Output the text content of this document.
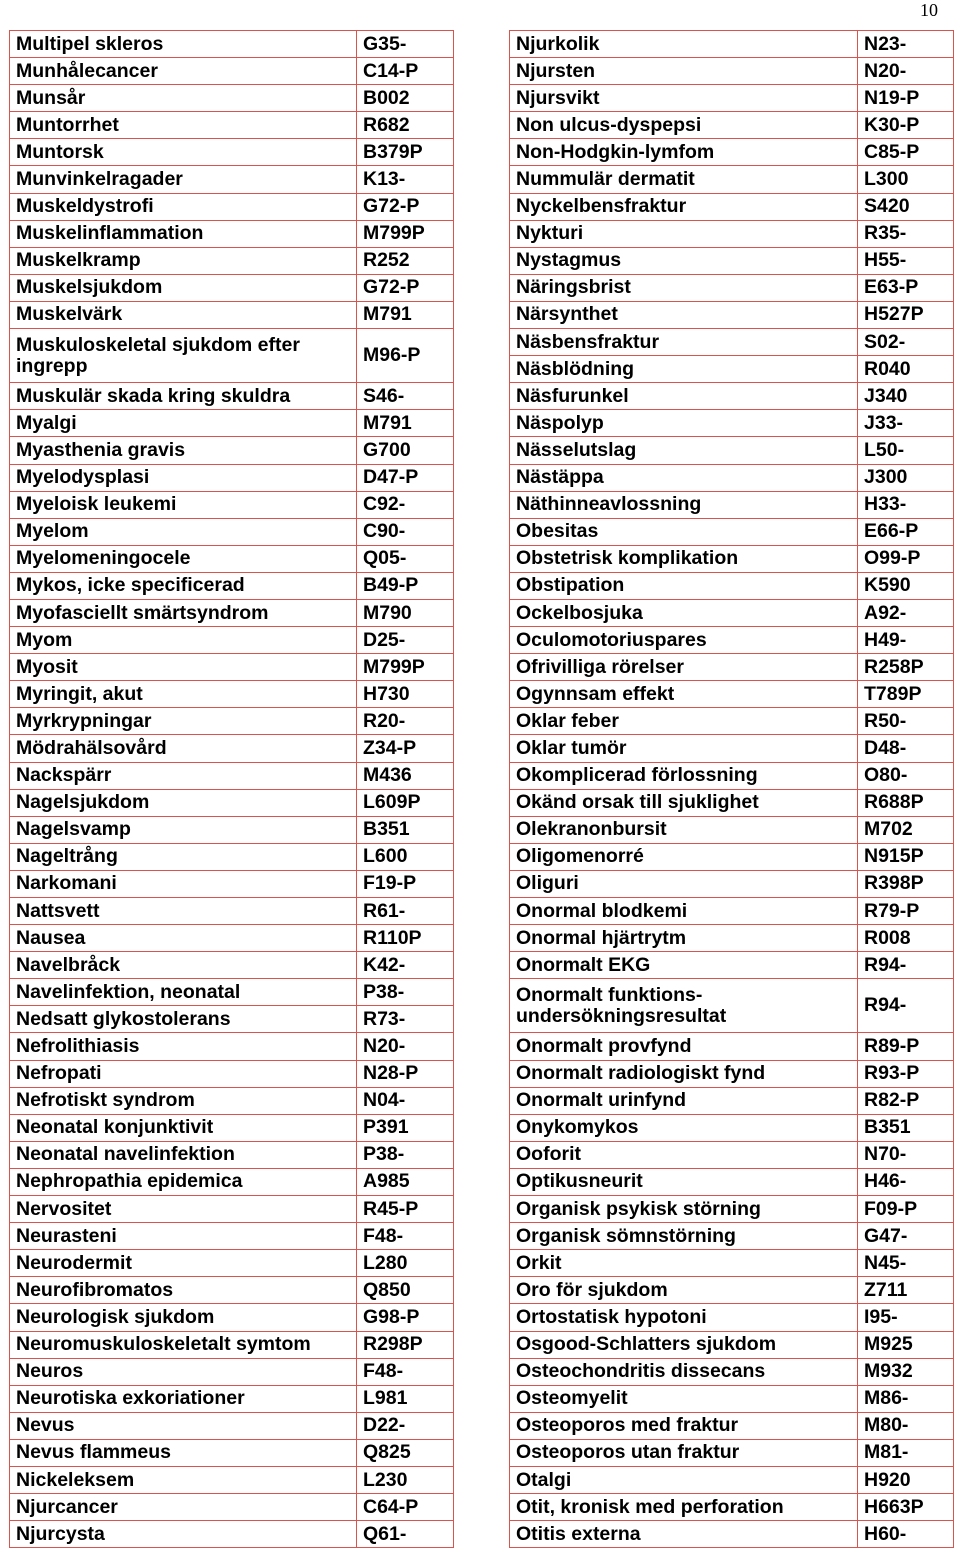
10
Multipel skleros	G35-
Munhålecancer	C14-P
Munsår	B002
Muntorrhet	R682
Muntorsk	B379P
Munvinkelragader	K13-
Muskeldystrofi	G72-P
Muskelinflammation	M799P
Muskelkramp	R252
Muskelsjukdom	G72-P
Muskelvärk	M791
Muskuloskeletal sjukdom efter ingrepp	M96-P
Muskulär skada kring skuldra	S46-
Myalgi	M791
Myasthenia gravis	G700
Myelodysplasi	D47-P
Myeloisk leukemi	C92-
Myelom	C90-
Myelomeningocele	Q05-
Mykos, icke specificerad	B49-P
Myofasciellt smärtsyndrom	M790
Myom	D25-
Myosit	M799P
Myringit, akut	H730
Myrkrypningar	R20-
Mödrahälsovård	Z34-P
Nackspärr	M436
Nagelsjukdom	L609P
Nagelsvamp	B351
Nageltrång	L600
Narkomani	F19-P
Nattsvett	R61-
Nausea	R110P
Navelbråck	K42-
Navelinfektion, neonatal	P38-
Nedsatt glykostolerans	R73-
Nefrolithiasis	N20-
Nefropati	N28-P
Nefrotiskt syndrom	N04-
Neonatal konjunktivit	P391
Neonatal navelinfektion	P38-
Nephropathia epidemica	A985
Nervositet	R45-P
Neurasteni	F48-
Neurodermit	L280
Neurofibromatos	Q850
Neurologisk sjukdom	G98-P
Neuromuskuloskeletalt symtom	R298P
Neuros	F48-
Neurotiska exkoriationer	L981
Nevus	D22-
Nevus flammeus	Q825
Nickeleksem	L230
Njurcancer	C64-P
Njurcysta	Q61-
Njurkolik	N23-
Njursten	N20-
Njursvikt	N19-P
Non ulcus-dyspepsi	K30-P
Non-Hodgkin-lymfom	C85-P
Nummulär dermatit	L300
Nyckelbensfraktur	S420
Nykturi	R35-
Nystagmus	H55-
Näringsbrist	E63-P
Närsynthet	H527P
Näsbensfraktur	S02-
Näsblödning	R040
Näsfurunkel	J340
Näspolyp	J33-
Nässelutslag	L50-
Nästäppa	J300
Näthinneavlossning	H33-
Obesitas	E66-P
Obstetrisk komplikation	O99-P
Obstipation	K590
Ockelbosjuka	A92-
Oculomotoriuspares	H49-
Ofrivilliga rörelser	R258P
Ogynnsam effekt	T789P
Oklar feber	R50-
Oklar tumör	D48-
Okomplicerad förlossning	O80-
Okänd orsak till sjuklighet	R688P
Olekranonbursit	M702
Oligomenorré	N915P
Oliguri	R398P
Onormal blodkemi	R79-P
Onormal hjärtrytm	R008
Onormalt EKG	R94-
Onormalt funktions-undersökningsresultat	R94-
Onormalt provfynd	R89-P
Onormalt radiologiskt fynd	R93-P
Onormalt urinfynd	R82-P
Onykomykos	B351
Ooforit	N70-
Optikusneurit	H46-
Organisk psykisk störning	F09-P
Organisk sömnstörning	G47-
Orkit	N45-
Oro för sjukdom	Z711
Ortostatisk hypotoni	I95-
Osgood-Schlatters sjukdom	M925
Osteochondritis dissecans	M932
Osteomyelit	M86-
Osteoporos med fraktur	M80-
Osteoporos utan fraktur	M81-
Otalgi	H920
Otit, kronisk med perforation	H663P
Otitis externa	H60-
